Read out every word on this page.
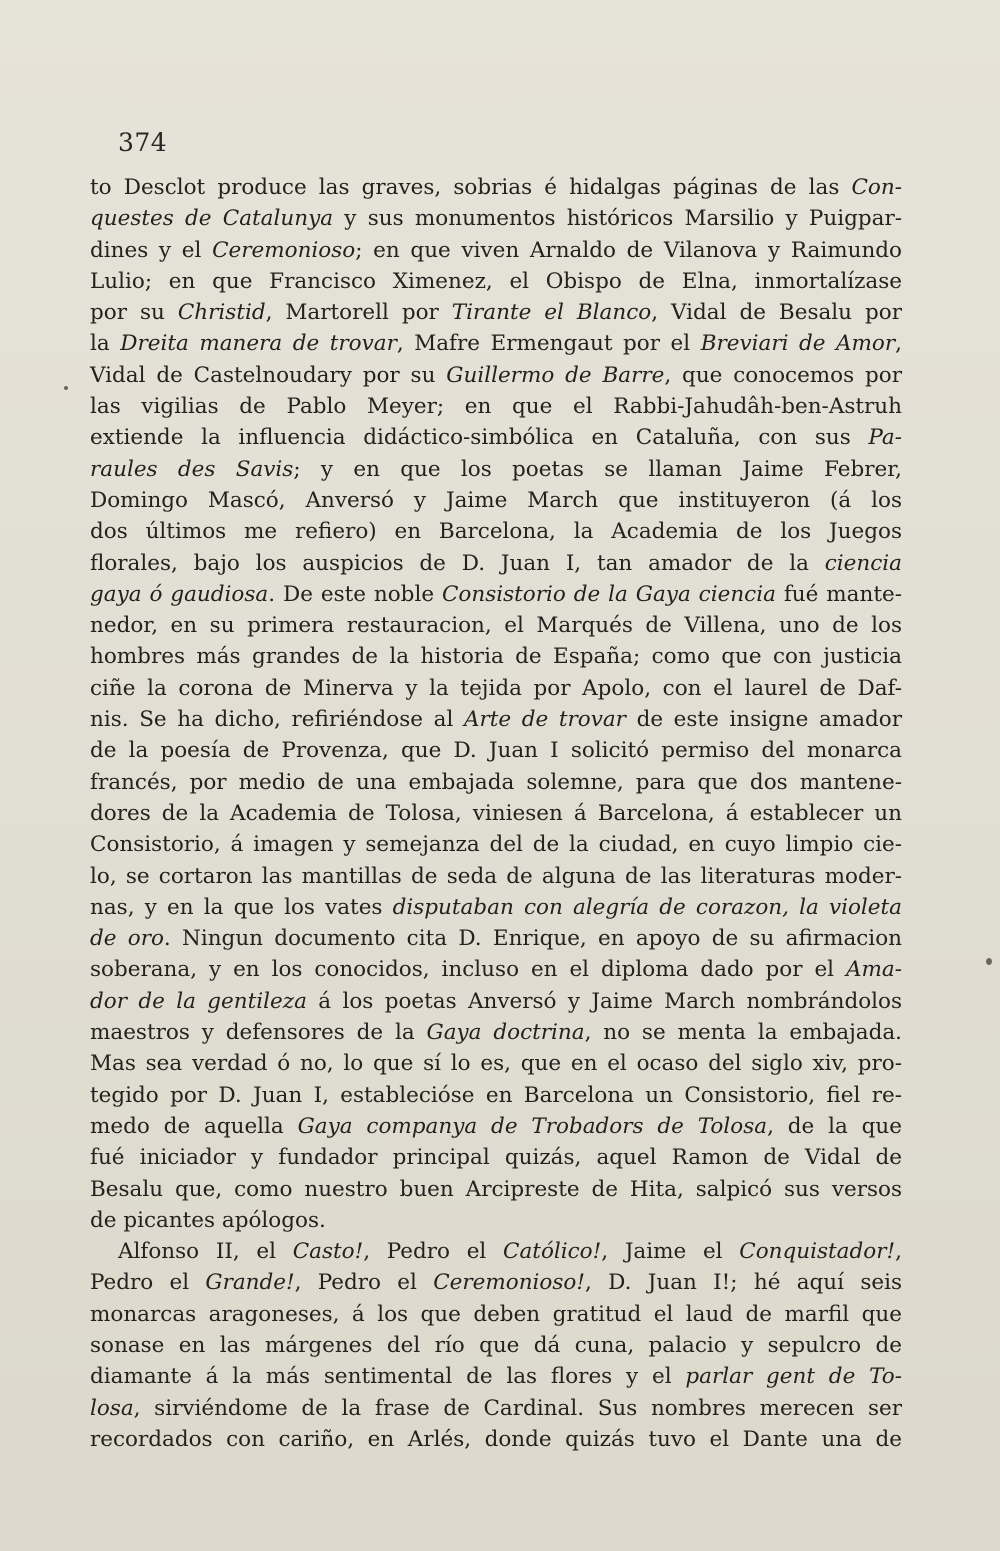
374
to Desclot produce las graves, sobrias é hidalgas páginas de las Con-
questes de Catalunya y sus monumentos históricos Marsilio y Puigpar-
dines y el Ceremonioso; en que viven Arnaldo de Vilanova y Raimundo
Lulio; en que Francisco Ximenez, el Obispo de Elna, inmortalízase
por su Christid, Martorell por Tirante el Blanco, Vidal de Besalu por
la Dreita manera de trovar, Mafre Ermengaut por el Breviari de Amor,
Vidal de Castelnoudary por su Guillermo de Barre, que conocemos por
las vigilias de Pablo Meyer; en que el Rabbi-Jahudâh-ben-Astruh
extiende la influencia didáctico-simbólica en Cataluña, con sus Pa-
raules des Savis; y en que los poetas se llaman Jaime Febrer,
Domingo Mascó, Anversó y Jaime March que instituyeron (á los
dos últimos me refiero) en Barcelona, la Academia de los Juegos
florales, bajo los auspicios de D. Juan I, tan amador de la ciencia
gaya ó gaudiosa. De este noble Consistorio de la Gaya ciencia fué mante-
nedor, en su primera restauracion, el Marqués de Villena, uno de los
hombres más grandes de la historia de España; como que con justicia
ciñe la corona de Minerva y la tejida por Apolo, con el laurel de Daf-
nis. Se ha dicho, refiriéndose al Arte de trovar de este insigne amador
de la poesía de Provenza, que D. Juan I solicitó permiso del monarca
francés, por medio de una embajada solemne, para que dos mantene-
dores de la Academia de Tolosa, viniesen á Barcelona, á establecer un
Consistorio, á imagen y semejanza del de la ciudad, en cuyo limpio cie-
lo, se cortaron las mantillas de seda de alguna de las literaturas moder-
nas, y en la que los vates disputaban con alegría de corazon, la violeta
de oro. Ningun documento cita D. Enrique, en apoyo de su afirmacion
soberana, y en los conocidos, incluso en el diploma dado por el Ama-
dor de la gentileza á los poetas Anversó y Jaime March nombrándolos
maestros y defensores de la Gaya doctrina, no se menta la embajada.
Mas sea verdad ó no, lo que sí lo es, que en el ocaso del siglo xiv, pro-
tegido por D. Juan I, establecióse en Barcelona un Consistorio, fiel re-
medo de aquella Gaya companya de Trobadors de Tolosa, de la que
fué iniciador y fundador principal quizás, aquel Ramon de Vidal de
Besalu que, como nuestro buen Arcipreste de Hita, salpicó sus versos
de picantes apólogos.
Alfonso II, el Casto!, Pedro el Católico!, Jaime el Conquistador!,
Pedro el Grande!, Pedro el Ceremonioso!, D. Juan I!; hé aquí seis
monarcas aragoneses, á los que deben gratitud el laud de marfil que
sonase en las márgenes del río que dá cuna, palacio y sepulcro de
diamante á la más sentimental de las flores y el parlar gent de To-
losa, sirviéndome de la frase de Cardinal. Sus nombres merecen ser
recordados con cariño, en Arlés, donde quizás tuvo el Dante una de
